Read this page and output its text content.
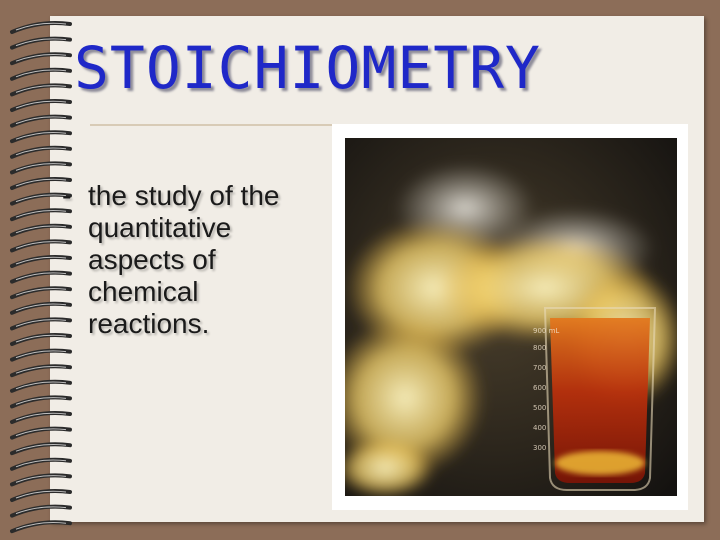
STOICHIOMETRY
- the study of the quantitative aspects of chemical reactions.	900 mL
800
700
600
500
400
300
